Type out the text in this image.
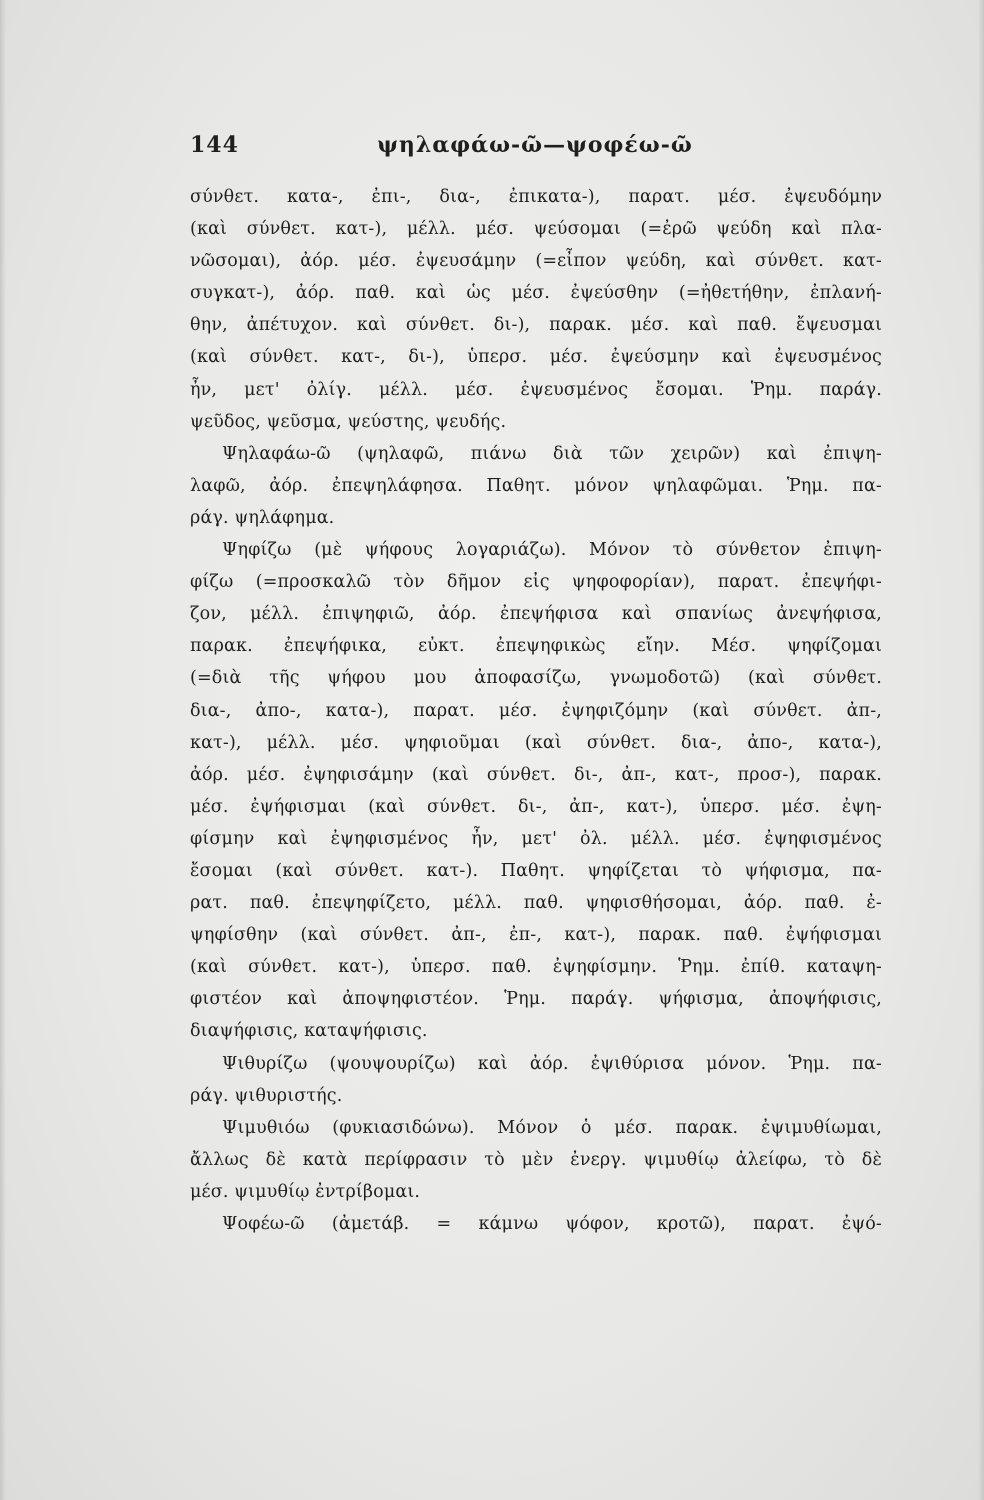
144	ψηλαφάω-ῶ—ψοφέω-ῶ
σύνθετ. κατα-, ἐπι-, δια-, ἐπικατα-), παρατ. μέσ. ἐψευδόμην
(καὶ σύνθετ. κατ-), μέλλ. μέσ. ψεύσομαι (=ἐρῶ ψεύδη καὶ πλα-
νῶσομαι), ἀόρ. μέσ. ἐψευσάμην (=εἶπον ψεύδη, καὶ σύνθετ. κατ-
συγκατ-), ἀόρ. παθ. καὶ ὡς μέσ. ἐψεύσθην (=ἠθετήθην, ἐπλανή-
θην, ἀπέτυχον. καὶ σύνθετ. δι-), παρακ. μέσ. καὶ παθ. ἔψευσμαι
(καὶ σύνθετ. κατ-, δι-), ὑπερσ. μέσ. ἐψεύσμην καὶ ἐψευσμένος
ἦν, μετ' ὀλίγ. μέλλ. μέσ. ἐψευσμένος ἔσομαι. Ῥημ. παράγ.
ψεῦδος, ψεῦσμα, ψεύστης, ψευδής.
Ψηλαφάω-ῶ (ψηλαφῶ, πιάνω διὰ τῶν χειρῶν) καὶ ἐπιψη-
λαφῶ, ἀόρ. ἐπεψηλάφησα. Παθητ. μόνον ψηλαφῶμαι. Ῥημ. πα-
ράγ. ψηλάφημα.
Ψηφίζω (μὲ ψήφους λογαριάζω). Μόνον τὸ σύνθετον ἐπιψη-
φίζω (=προσκαλῶ τὸν δῆμον εἰς ψηφοφορίαν), παρατ. ἐπεψήφι-
ζον, μέλλ. ἐπιψηφιῶ, ἀόρ. ἐπεψήφισα καὶ σπανίως ἀνεψήφισα,
παρακ. ἐπεψήφικα, εὐκτ. ἐπεψηφικὼς εἴην. Μέσ. ψηφίζομαι
(=διὰ τῆς ψήφου μου ἀποφασίζω, γνωμοδοτῶ) (καὶ σύνθετ.
δια-, ἀπο-, κατα-), παρατ. μέσ. ἐψηφιζόμην (καὶ σύνθετ. ἀπ-,
κατ-), μέλλ. μέσ. ψηφιοῦμαι (καὶ σύνθετ. δια-, ἀπο-, κατα-),
ἀόρ. μέσ. ἐψηφισάμην (καὶ σύνθετ. δι-, ἀπ-, κατ-, προσ-), παρακ.
μέσ. ἐψήφισμαι (καὶ σύνθετ. δι-, ἀπ-, κατ-), ὑπερσ. μέσ. ἐψη-
φίσμην καὶ ἐψηφισμένος ἦν, μετ' ὀλ. μέλλ. μέσ. ἐψηφισμένος
ἔσομαι (καὶ σύνθετ. κατ-). Παθητ. ψηφίζεται τὸ ψήφισμα, πα-
ρατ. παθ. ἐπεψηφίζετο, μέλλ. παθ. ψηφισθήσομαι, ἀόρ. παθ. ἐ-
ψηφίσθην (καὶ σύνθετ. ἀπ-, ἐπ-, κατ-), παρακ. παθ. ἐψήφισμαι
(καὶ σύνθετ. κατ-), ὑπερσ. παθ. ἐψηφίσμην. Ῥημ. ἐπίθ. καταψη-
φιστέον καὶ ἀποψηφιστέον. Ῥημ. παράγ. ψήφισμα, ἀποψήφισις,
διαψήφισις, καταψήφισις.
Ψιθυρίζω (ψουψουρίζω) καὶ ἀόρ. ἐψιθύρισα μόνον. Ῥημ. πα-
ράγ. ψιθυριστής.
Ψιμυθιόω (φυκιασιδώνω). Μόνον ὁ μέσ. παρακ. ἐψιμυθίωμαι,
ἄλλως δὲ κατὰ περίφρασιν τὸ μὲν ἐνεργ. ψιμυθίῳ ἀλείφω, τὸ δὲ
μέσ. ψιμυθίῳ ἐντρίβομαι.
Ψοφέω-ῶ (ἀμετάβ. = κάμνω ψόφον, κροτῶ), παρατ. ἐψό-
